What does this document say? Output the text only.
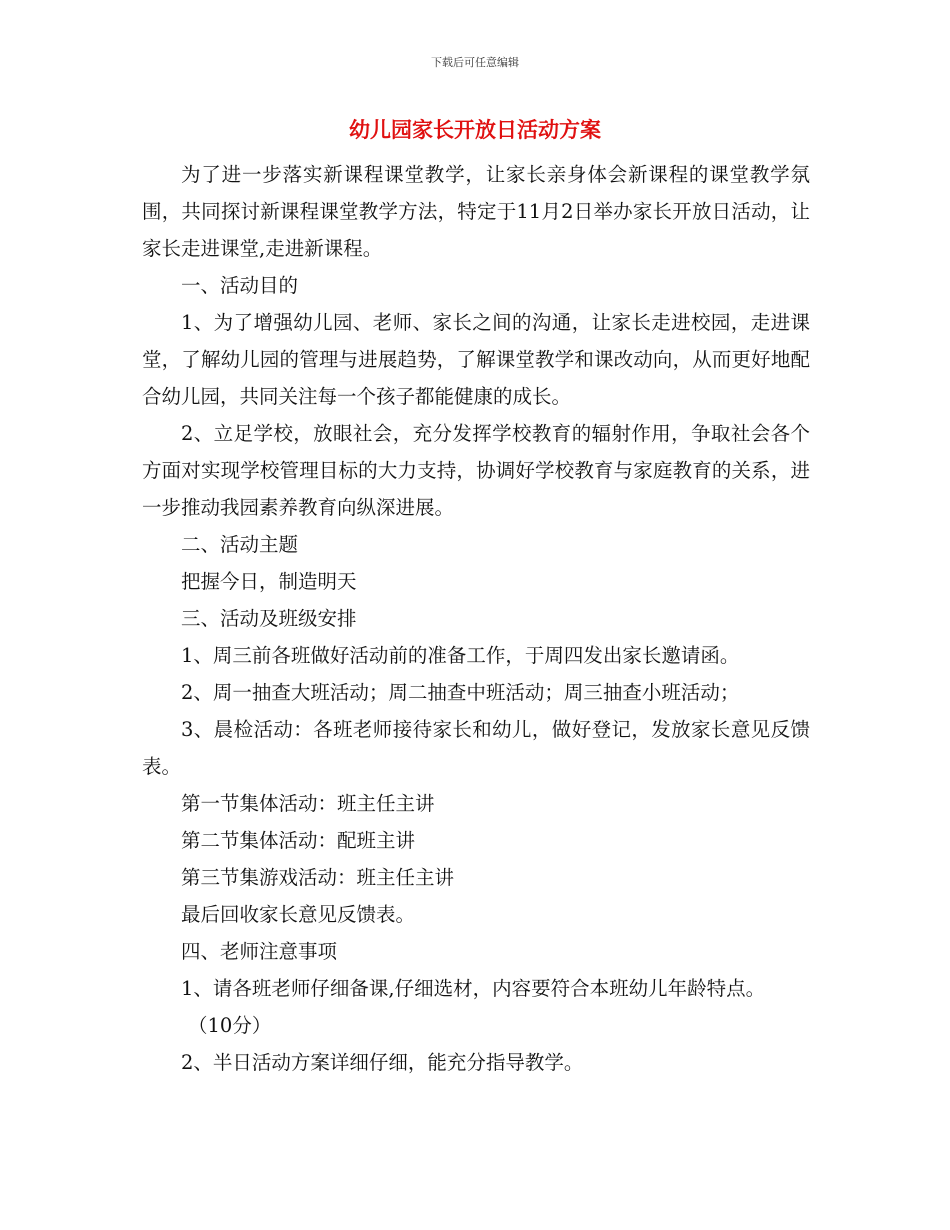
下载后可任意编辑
幼儿园家长开放日活动方案

为了进一步落实新课程课堂教学，让家长亲身体会新课程的课堂教学氛围，共同探讨新课程课堂教学方法，特定于11月2日举办家长开放日活动，让家长走进课堂,走进新课程。

一、活动目的

1、为了增强幼儿园、老师、家长之间的沟通，让家长走进校园，走进课堂，了解幼儿园的管理与进展趋势，了解课堂教学和课改动向，从而更好地配合幼儿园，共同关注每一个孩子都能健康的成长。

2、立足学校，放眼社会，充分发挥学校教育的辐射作用，争取社会各个方面对实现学校管理目标的大力支持，协调好学校教育与家庭教育的关系，进一步推动我园素养教育向纵深进展。

二、活动主题

把握今日，制造明天

三、活动及班级安排

1、周三前各班做好活动前的准备工作，于周四发出家长邀请函。

2、周一抽查大班活动；周二抽查中班活动；周三抽查小班活动；

3、晨检活动：各班老师接待家长和幼儿，做好登记，发放家长意见反馈表。

第一节集体活动：班主任主讲

第二节集体活动：配班主讲

第三节集游戏活动：班主任主讲

最后回收家长意见反馈表。

四、老师注意事项

1、请各班老师仔细备课,仔细选材，内容要符合本班幼儿年龄特点。

（10分）

2、半日活动方案详细仔细，能充分指导教学。
